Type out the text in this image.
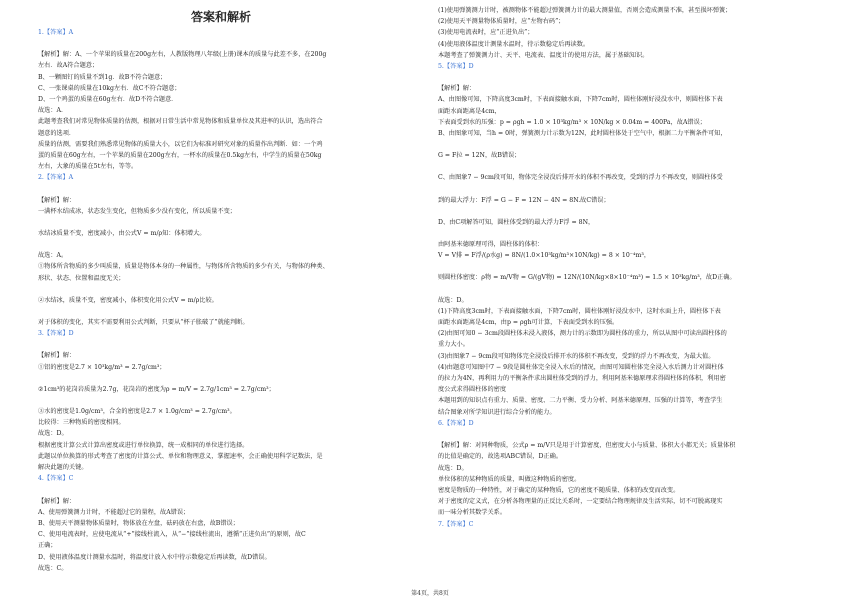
答案和解析

1.【答案】A

【解析】解：A、一个苹果的质量在200g左右，人教版物理八年级(上册)课本的质量与此差不多，在200g

左右．故A符合题意；

B、一颗图钉的质量不到1g．故B不符合题意；

C、一张课桌的质量在10kg左右．故C不符合题意；

D、一个鸡蛋的质量在60g左右．故D不符合题意．

故选：A．

此题考查我们对常见物体质量的估测，根据对日常生活中常见物体和质量单位及其进率的认识，选出符合

题意的选项．

质量的估测，需要我们熟悉常见物体的质量大小，以它们为标准对研究对象的质量作出判断．如：一个鸡

蛋的质量在60g左右，一个苹果的质量在200g左右，一杯水的质量在0.5kg左右，中学生的质量在50kg

左右，大象的质量在5t左右，等等。

2.【答案】A

【解析】解：

一满杯水结成冰，状态发生变化，但物质多少没有变化，所以质量不变；

水结冰质量不变，密度减小，由公式V = m/ρ知：体积增大。

故选：A。

①物体所含物质的多少叫质量，质量是物体本身的一种属性，与物体所含物质的多少有关，与物体的种类、

形状、状态、位置和温度无关；

②水结冰，质量不变，密度减小，体积变化用公式V = m/ρ比较。

对于体积的变化，其实不需要利用公式判断，只要从“杯子胀破了”就能判断。

3.【答案】D

【解析】解：

①铝的密度是2.7 × 10³kg/m³ = 2.7g/cm³；

②1cm³的花岗岩质量为2.7g，花岗岩的密度为ρ = m/V = 2.7g/1cm³ = 2.7g/cm³；

③水的密度是1.0g/cm³，合金的密度是2.7 × 1.0g/cm³ = 2.7g/cm³。

比较得：三种物质的密度相同。

故选：D。

根据密度计算公式计算出密度或进行单位换算，统一成相同的单位进行选择。

此题以单位换算的形式考查了密度的计算公式、单位和物理意义，掌握速率，会正确使用科学记数法，是

解决此题的关键。

4.【答案】C

【解析】解：

A、使用弹簧测力计时，不能超过它的量程，故A错误；

B、使用天平测量物体质量时，物体放在左盘，砝码放在右盘，故B错误；

C、使用电流表时，应使电流从“+”接线柱流入，从“−”接线柱流出，遵循“正进负出”的原则，故C

正确；

D、使用液体温度计测量水温时，将温度计放入水中待示数稳定后再读数，故D错误。

故选：C。

(1)使用弹簧测力计时，被测物体不能超过弹簧测力计的最大测量值，否则会造成测量不准，甚至损坏弹簧；

(2)使用天平测量物体质量时，应“左物右码”；

(3)使用电流表时，应“正进负出”；

(4)使用液体温度计测量水温时，待示数稳定后再读数。

本题考查了弹簧测力计、天平、电流表、温度计的使用方法，属于基础知识。

5.【答案】D

【解析】解：

A、由图像可知，下降高度3cm时，下表面接触水面，下降7cm时，圆柱体刚好浸没水中，则圆柱体下表

面距水面距离是4cm，

下表面受到水的压强：p = ρgh = 1.0 × 10³kg/m³ × 10N/kg × 0.04m = 400Pa，故A错误；

B、由图象可知，当h = 0时，弹簧测力计示数为12N，此时圆柱体处于空气中，根据二力平衡条件可知，

G = F拉 = 12N，故B错误；

C、由图象7 − 9cm段可知，物体完全浸没后排开水的体积不再改变，受到的浮力不再改变，则圆柱体受

到的最大浮力：F浮 = G − F = 12N − 4N = 8N.故C错误；

D、由C项解答可知，圆柱体受到的最大浮力F浮 = 8N，

由阿基米德原理可得，圆柱体的体积：

V = V排 = F浮/(ρ水g) = 8N/(1.0×10³kg/m³×10N/kg) = 8 × 10⁻⁴m³，

则圆柱体密度：ρ物 = m/V物 = G/(gV物) = 12N/(10N/kg×8×10⁻⁴m³) = 1.5 × 10³kg/m³，故D正确。

故选：D。

(1)下降高度3cm时，下表面接触水面，下降7cm时，圆柱体刚好浸没水中，这时水面上升，圆柱体下表

面距水面距离是4cm，由p = ρgh可计算，下表面受到水的压强。

(2)由图可知0 − 3cm段圆柱体未浸入液体，测力计的示数即为圆柱体的重力，所以从图中可读出圆柱体的

重力大小。

(3)由图象7 − 9cm段可知物体完全浸没后排开水的体积不再改变，受到的浮力不再改变，为最大值。

(4)由题意可知图中7 − 9段是圆柱体完全浸入水后的情况，由图可知圆柱体完全浸入水后测力计对圆柱体

的拉力为4N，再利用力的平衡条件求出圆柱体受到的浮力，利用阿基米德原理求得圆柱体的体积，利用密

度公式求得圆柱体的密度

本题用到的知识点有重力、质量、密度、二力平衡、受力分析、阿基米德原理、压强的计算等，考查学生

结合图象对所学知识进行综合分析的能力。

6.【答案】D

【解析】解：对同种物质，公式ρ = m/V只是用于计算密度，但密度大小与质量、体积大小都无关；质量体积

的比值是确定的，故选项ABC错误，D正确。

故选：D。

单位体积的某种物质的质量，叫做这种物质的密度。

密度是物质的一种特性，对于确定的某种物质，它的密度不随质量、体积的改变而改变。

对于密度的定义式，在分析各物理量的正反比关系时，一定要结合物理规律及生活实际，切不可脱离现实

而一味分析其数学关系。

7.【答案】C

第4页，共8页
